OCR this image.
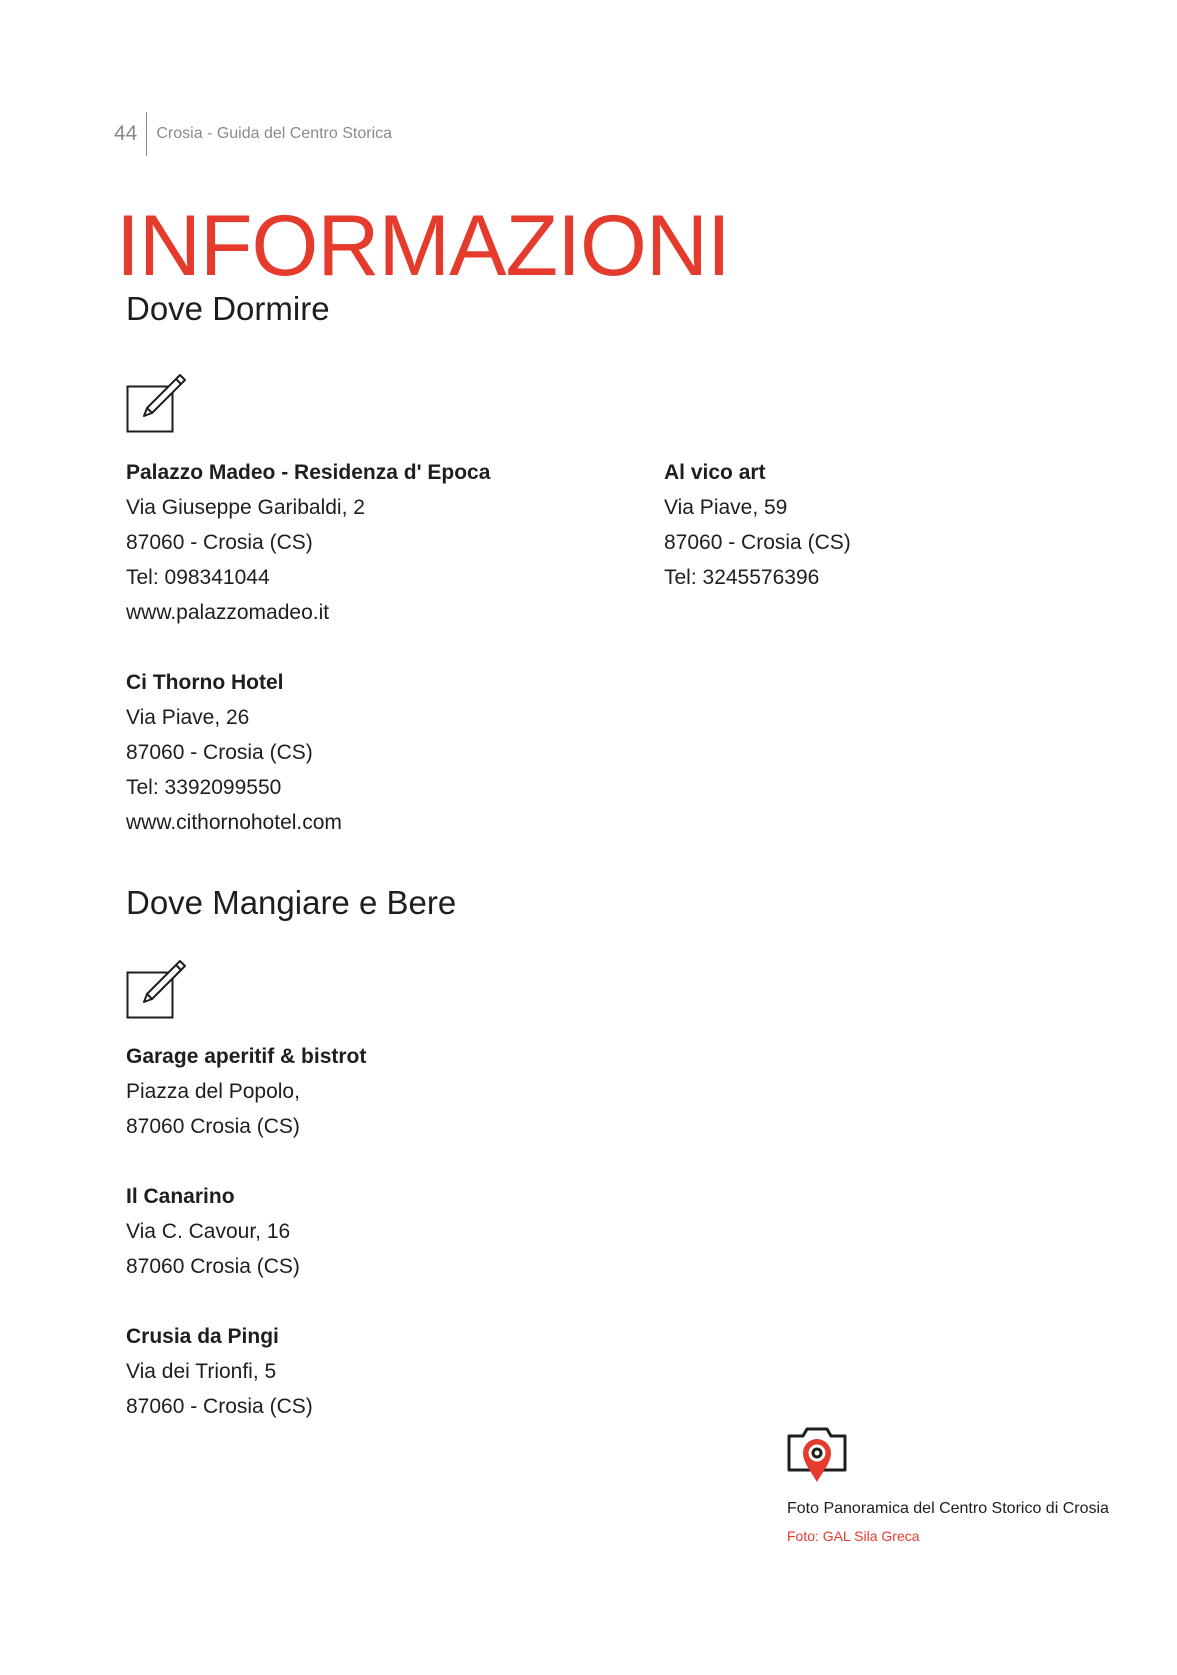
44	Crosia - Guida del Centro Storica
INFORMAZIONI
Dove Dormire
Palazzo Madeo - Residenza d' Epoca
Via Giuseppe Garibaldi, 2
87060 - Crosia (CS)
Tel: 098341044
www.palazzomadeo.it
Al vico art
Via Piave, 59
87060 - Crosia (CS)
Tel: 3245576396
Ci Thorno Hotel
Via Piave, 26
87060 - Crosia (CS)
Tel: 3392099550
www.cithornohotel.com
Dove Mangiare e Bere
Garage aperitif & bistrot
Piazza del Popolo,
87060 Crosia (CS)
Il Canarino
Via C. Cavour, 16
87060 Crosia (CS)
Crusia da Pingi
Via dei Trionfi, 5
87060 - Crosia (CS)
Foto Panoramica del Centro Storico di Crosia
Foto: GAL Sila Greca
